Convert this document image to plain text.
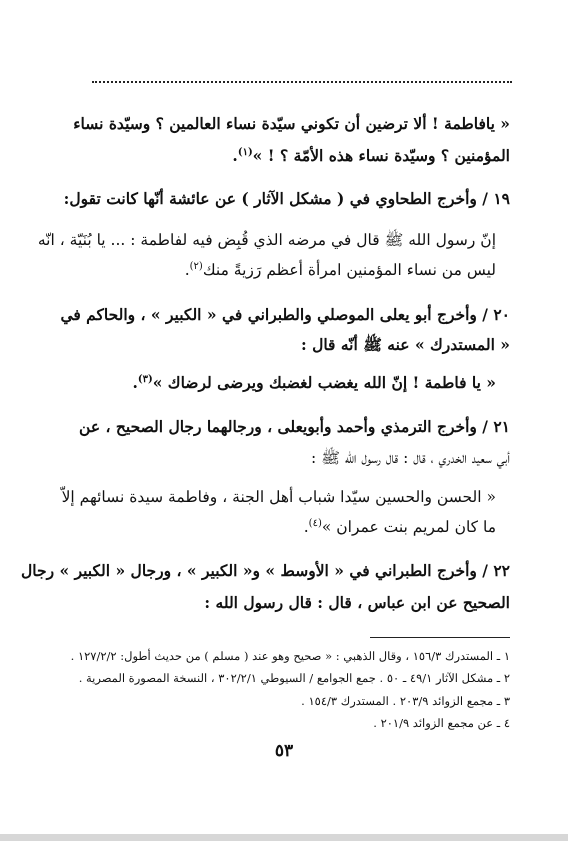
« يافاطمة ! ألا ترضين أن تكوني سيّدة نساء العالمين ؟ وسيّدة نساء
المؤمنين ؟ وسيّدة نساء هذه الأمّة ؟ ! »$^{(١)}$.
١٩ / وأخرج الطحاوي في ( مشكل الآثار ) عن عائشة أنّها كانت تقول:
إنّ رسول الله ﷺ قال في مرضه الذي قُبِض فيه لفاطمة : ... يا بُنَيّة ، انّه
ليس من نساء المؤمنين امرأة أعظم رَزيةً منك$^{(٢)}$.
٢٠ / وأخرج أبو يعلى الموصلي والطبراني في « الكبير » ، والحاكم في
« المستدرك » عنه ﷺ أنّه قال :
« يا فاطمة ! إنّ الله يغضب لغضبك ويرضى لرضاك »$^{(٣)}$.
٢١ / وأخرج الترمذي وأحمد وأبويعلى ، ورجالهما رجال الصحيح ، عن
أبي سعيد الخدري ، قال : قال رسول الله ﷺ :
« الحسن والحسين سيّدا شباب أهل الجنة ، وفاطمة سيدة نسائهم إلاّ
ما كان لمريم بنت عمران »$^{(٤)}$.
٢٢ / وأخرج الطبراني في « الأوسط » و« الكبير » ، ورجال « الكبير » رجال
الصحيح عن ابن عباس ، قال : قال رسول الله :
١ ـ المستدرك ١٥٦/٣ ، وقال الذهبي : « صحيح وهو عند ( مسلم ) من حديث أطول: ١٢٧/٢/٢ .
٢ ـ مشكل الآثار ٤٩/١ ـ ٥٠ . جمع الجوامع / السيوطي ٣٠٢/٢/١ ، النسخة المصورة المصرية .
٣ ـ مجمع الزوائد ٢٠٣/٩ . المستدرك ١٥٤/٣ .
٤ ـ عن مجمع الزوائد ٢٠١/٩ .
٥٣
